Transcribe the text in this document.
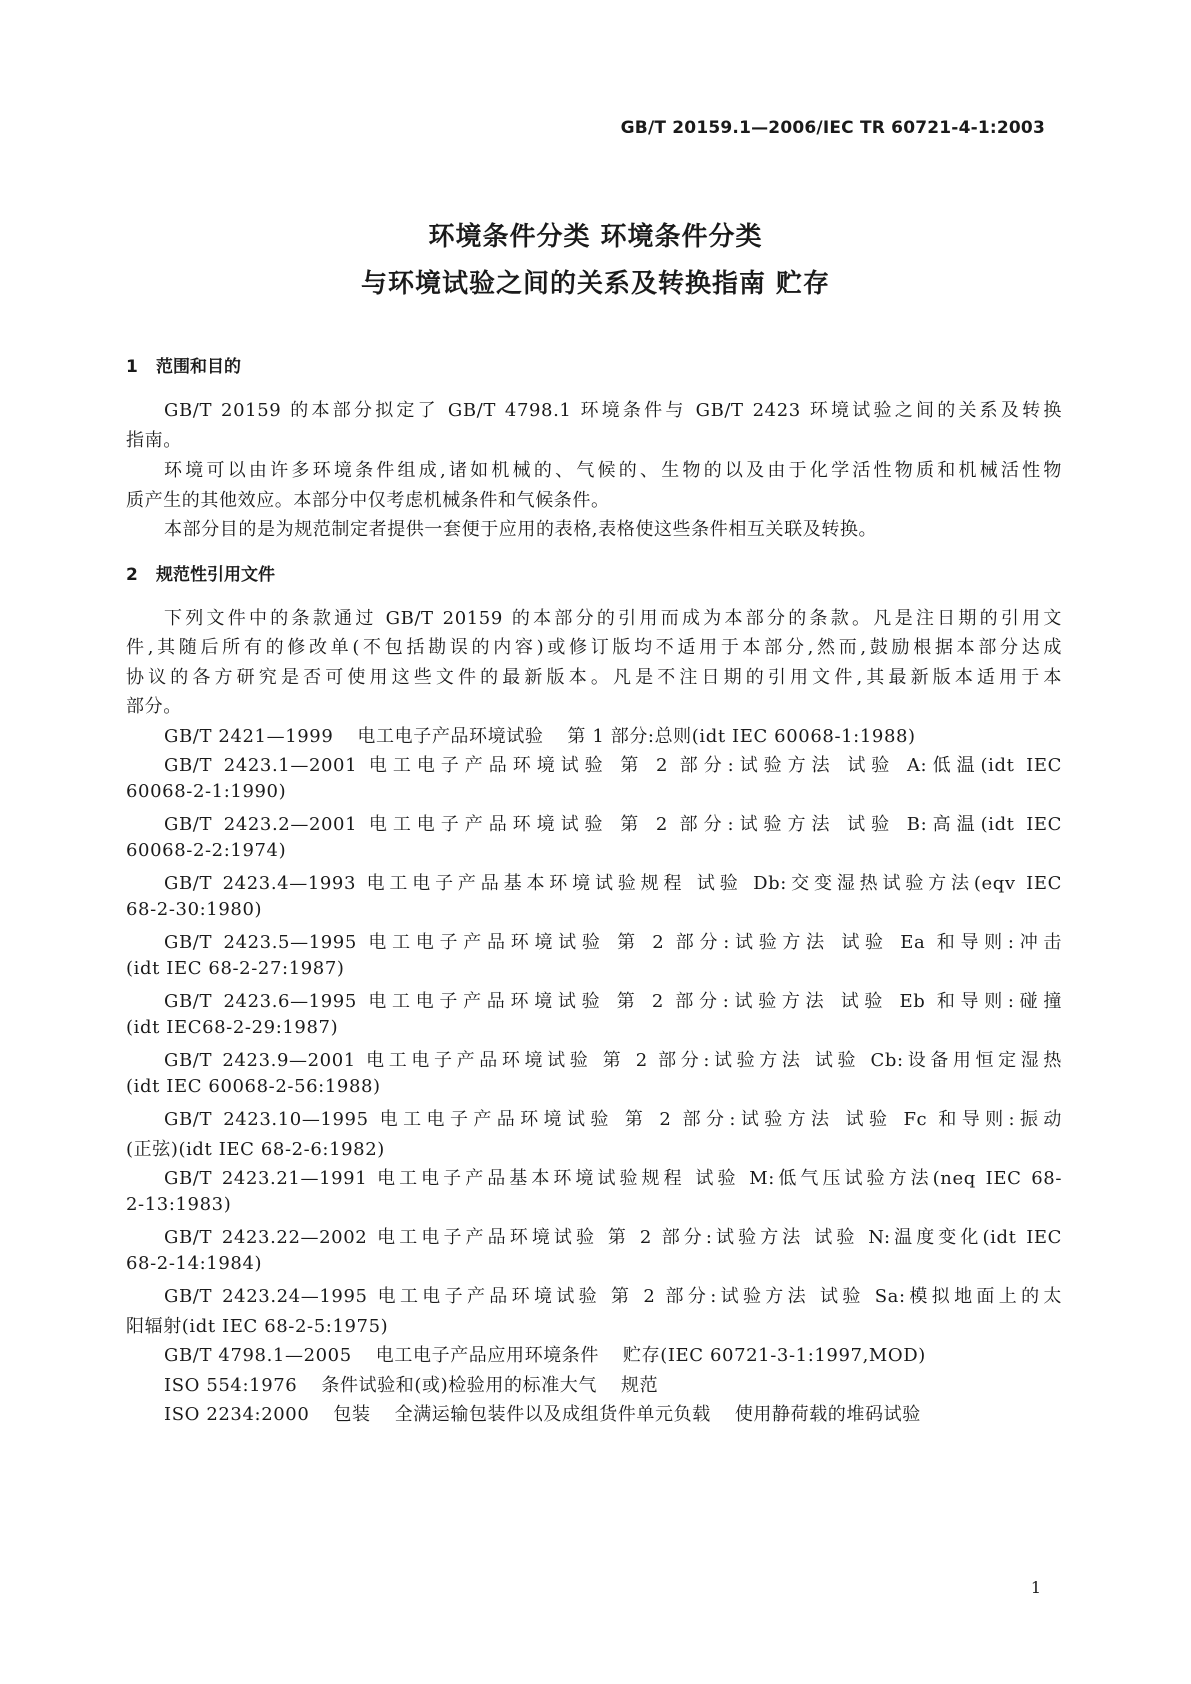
GB/T 20159.1—2006/IEC TR 60721-4-1:2003
环境条件分类 环境条件分类
与环境试验之间的关系及转换指南 贮存
1 范围和目的
GB/T 20159 的本部分拟定了 GB/T 4798.1 环境条件与 GB/T 2423 环境试验之间的关系及转换
指南。
环境可以由许多环境条件组成,诸如机械的、气候的、生物的以及由于化学活性物质和机械活性物
质产生的其他效应。本部分中仅考虑机械条件和气候条件。
本部分目的是为规范制定者提供一套便于应用的表格,表格使这些条件相互关联及转换。
2 规范性引用文件
下列文件中的条款通过 GB/T 20159 的本部分的引用而成为本部分的条款。凡是注日期的引用文
件,其随后所有的修改单(不包括勘误的内容)或修订版均不适用于本部分,然而,鼓励根据本部分达成
协议的各方研究是否可使用这些文件的最新版本。凡是不注日期的引用文件,其最新版本适用于本
部分。
GB/T 2421—1999 电工电子产品环境试验 第 1 部分:总则(idt IEC 60068-1:1988)
GB/T 2423.1—2001 电工电子产品环境试验 第 2 部分:试验方法 试验 A:低温(idt IEC
60068-2-1:1990)
GB/T 2423.2—2001 电工电子产品环境试验 第 2 部分:试验方法 试验 B:高温(idt IEC
60068-2-2:1974)
GB/T 2423.4—1993 电工电子产品基本环境试验规程 试验 Db:交变湿热试验方法(eqv IEC
68-2-30:1980)
GB/T 2423.5—1995 电工电子产品环境试验 第 2 部分:试验方法 试验 Ea 和导则:冲击
(idt IEC 68-2-27:1987)
GB/T 2423.6—1995 电工电子产品环境试验 第 2 部分:试验方法 试验 Eb 和导则:碰撞
(idt IEC68-2-29:1987)
GB/T 2423.9—2001 电工电子产品环境试验 第 2 部分:试验方法 试验 Cb:设备用恒定湿热
(idt IEC 60068-2-56:1988)
GB/T 2423.10—1995 电工电子产品环境试验 第 2 部分:试验方法 试验 Fc 和导则:振动
(正弦)(idt IEC 68-2-6:1982)
GB/T 2423.21—1991 电工电子产品基本环境试验规程 试验 M:低气压试验方法(neq IEC 68-
2-13:1983)
GB/T 2423.22—2002 电工电子产品环境试验 第 2 部分:试验方法 试验 N:温度变化(idt IEC
68-2-14:1984)
GB/T 2423.24—1995 电工电子产品环境试验 第 2 部分:试验方法 试验 Sa:模拟地面上的太
阳辐射(idt IEC 68-2-5:1975)
GB/T 4798.1—2005 电工电子产品应用环境条件 贮存(IEC 60721-3-1:1997,MOD)
ISO 554:1976 条件试验和(或)检验用的标准大气 规范
ISO 2234:2000 包装 全满运输包装件以及成组货件单元负载 使用静荷载的堆码试验
1
